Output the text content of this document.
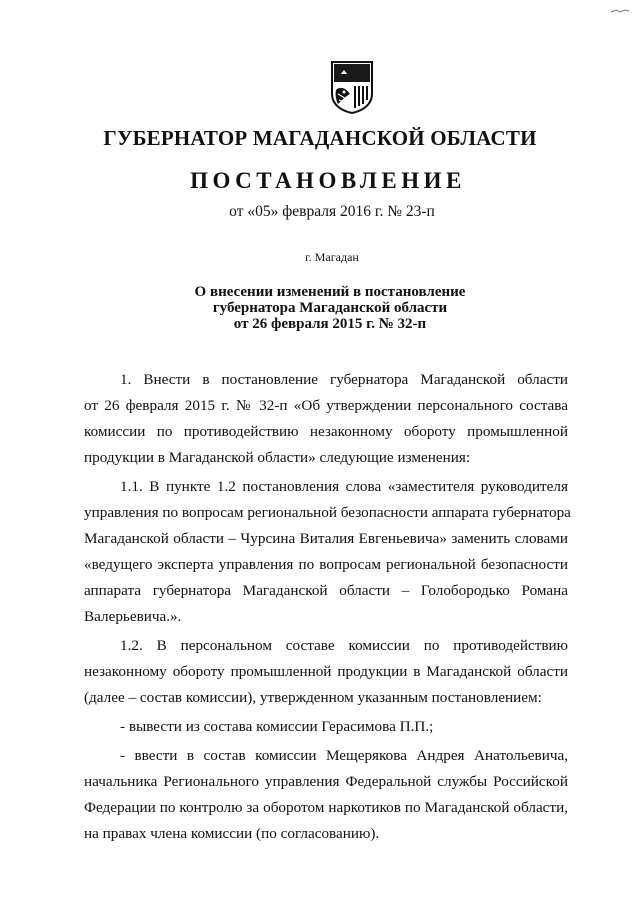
ГУБЕРНАТОР МАГАДАНСКОЙ ОБЛАСТИ
ПОСТАНОВЛЕНИЕ
от «05» февраля 2016 г. № 23-п
г. Магадан
О внесении изменений в постановление
губернатора Магаданской области
от 26 февраля 2015 г. № 32-п
1. Внести в постановление губернатора Магаданской области
от 26 февраля 2015 г. № 32-п «Об утверждении персонального состава
комиссии по противодействию незаконному обороту промышленной
продукции в Магаданской области» следующие изменения:
1.1. В пункте 1.2 постановления слова «заместителя руководителя
управления по вопросам региональной безопасности аппарата губернатора
Магаданской области – Чурсина Виталия Евгеньевича» заменить словами
«ведущего эксперта управления по вопросам региональной безопасности
аппарата губернатора Магаданской области – Голобородько Романа
Валерьевича.».
1.2. В персональном составе комиссии по противодействию
незаконному обороту промышленной продукции в Магаданской области
(далее – состав комиссии), утвержденном указанным постановлением:
- вывести из состава комиссии Герасимова П.П.;
- ввести в состав комиссии Мещерякова Андрея Анатольевича,
начальника Регионального управления Федеральной службы Российской
Федерации по контролю за оборотом наркотиков по Магаданской области,
на правах члена комиссии (по согласованию).
